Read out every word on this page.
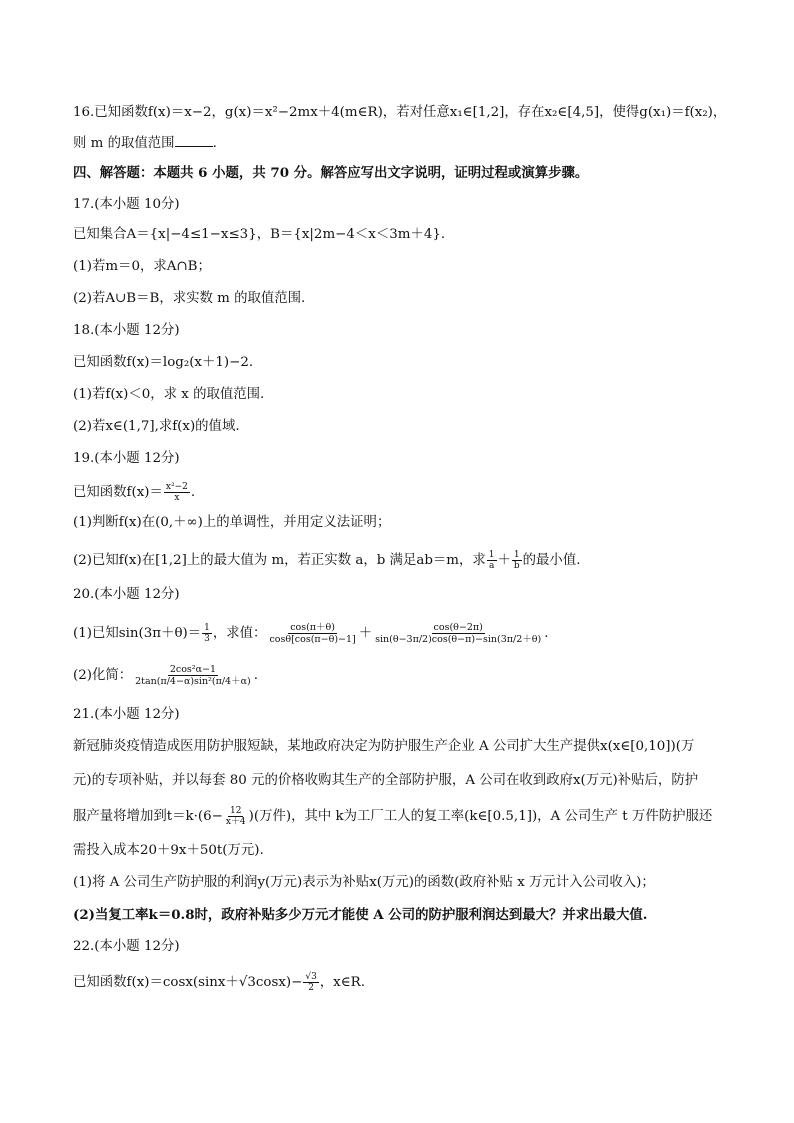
16.已知函数f(x)＝x−2，g(x)＝x²−2mx＋4(m∈R)，若对任意x₁∈[1,2]，存在x₂∈[4,5]，使得g(x₁)＝f(x₂)，
则 m 的取值范围	.
四、解答题：本题共 6 小题，共 70 分。解答应写出文字说明，证明过程或演算步骤。
17.(本小题 10分)
已知集合A＝{x|−4≤1−x≤3}，B＝{x|2m−4＜x＜3m＋4}.
(1)若m＝0，求A∩B；
(2)若A∪B＝B，求实数 m 的取值范围.
18.(本小题 12分)
已知函数f(x)＝log₂(x＋1)−2.
(1)若f(x)＜0，求 x 的取值范围.
(2)若x∈(1,7],求f(x)的值域.
19.(本小题 12分)
已知函数$f(x)= \frac{\text{x²−2}}{x}$ .
(1)判断f(x)在(0,＋∞)上的单调性，并用定义法证明；
(2)已知f(x)在[1,2]上的最大值为 m，若正实数 a，b 满足ab＝m，求 $\frac{1}{a} + \frac{1}{b}$ 的最小值.
20.(本小题 12分)
(1)已知$\sin(3\pi+\theta)= \frac{1}{3}$ ，求值： $\frac{\cos(\pi+\theta)}{\cos\theta[\cos(\pi-\theta)-1]} + \frac{\cos(\theta-2\pi)}{\sin(\theta-3\pi/2)\cos(\theta-\pi)-\sin(3\pi/2+\theta)}$ .
(2)化简： $\frac{\text{2cos²α−1}}{\text{2tan(π/4−α)sin²(π/4＋α)}}$ .
21.(本小题 12分)
新冠肺炎疫情造成医用防护服短缺，某地政府决定为防护服生产企业 A 公司扩大生产提供x(x∈[0,10])(万
元)的专项补贴，并以每套 80 元的价格收购其生产的全部防护服，A 公司在收到政府x(万元)补贴后，防护
服产量将增加到$t=k\cdot(6- \frac{12}{x+4}$ )(万件)，其中 k为工厂工人的复工率(k∈[0.5,1])，A 公司生产 t 万件防护服还
需投入成本20＋9x＋50t(万元).
(1)将 A 公司生产防护服的利润y(万元)表示为补贴x(万元)的函数(政府补贴 x 万元计入公司收入)；
(2)当复工率k＝0.8时，政府补贴多少万元才能使 A 公司的防护服利润达到最大？并求出最大值.
22.(本小题 12分)
已知函数$f(x)=\cos x(\sin x+√3\cos x)- \frac{√3}{2}$ ，x∈R.
